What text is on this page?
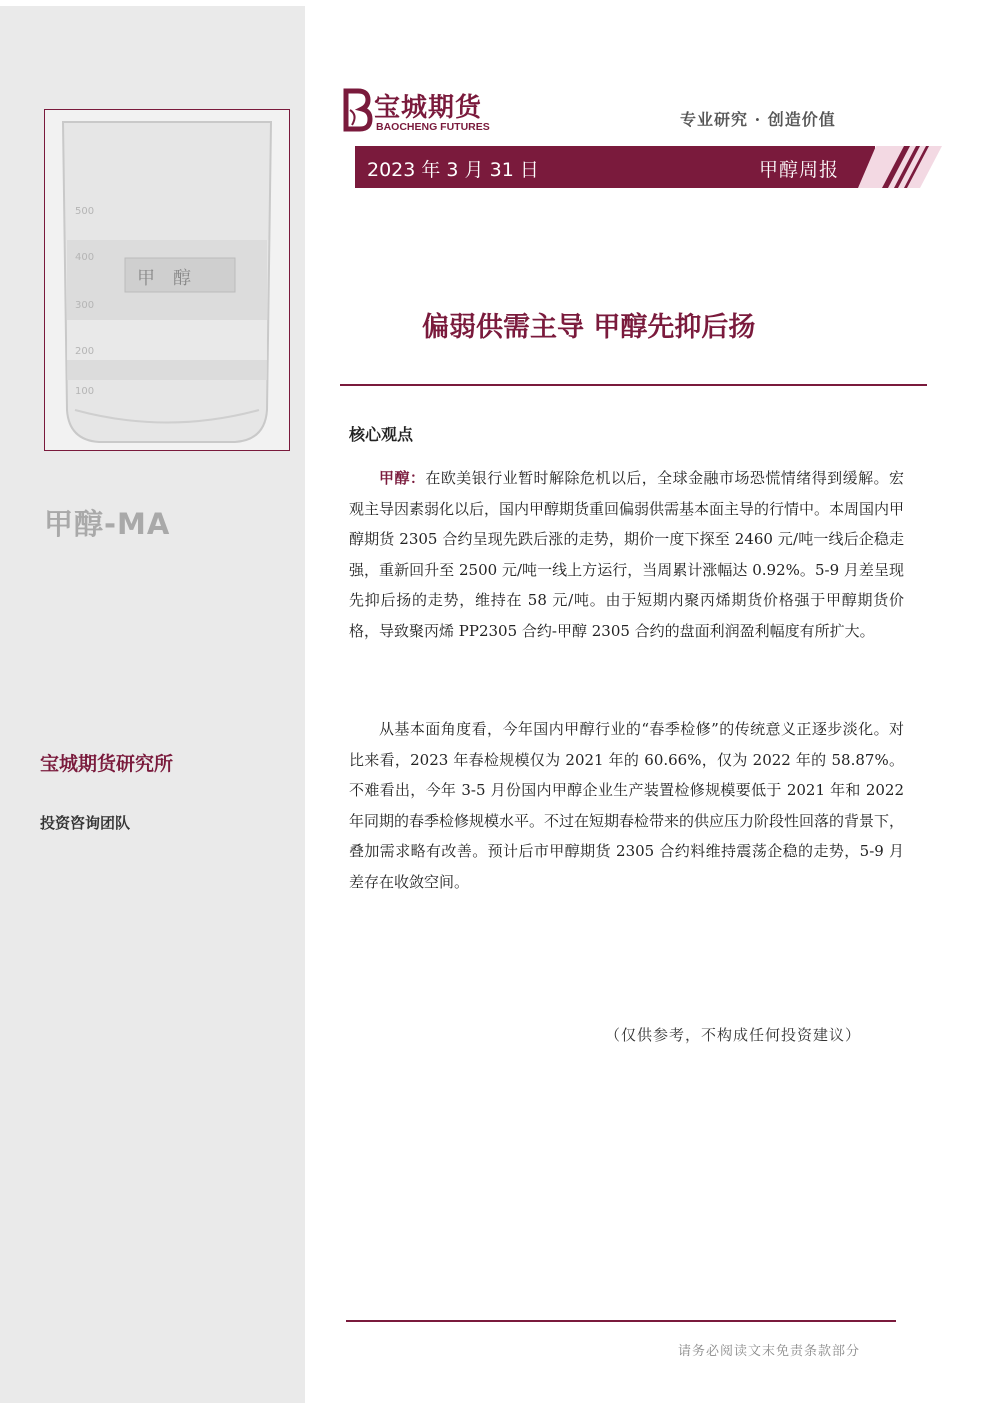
500
400
300
200
100
甲　醇
甲醇-MA
宝城期货研究所
投资咨询团队
宝城期货
BAOCHENG FUTURES	专业研究 · 创造价值
2023 年 3 月 31 日	甲醇周报
偏弱供需主导 甲醇先抑后扬
核心观点
甲醇：在欧美银行业暂时解除危机以后，全球金融市场恐慌情绪得到缓解。宏观主导因素弱化以后，国内甲醇期货重回偏弱供需基本面主导的行情中。本周国内甲醇期货 2305 合约呈现先跌后涨的走势，期价一度下探至 2460 元/吨一线后企稳走强，重新回升至 2500 元/吨一线上方运行，当周累计涨幅达 0.92%。5-9 月差呈现先抑后扬的走势，维持在 58 元/吨。由于短期内聚丙烯期货价格强于甲醇期货价格，导致聚丙烯 PP2305 合约-甲醇 2305 合约的盘面利润盈利幅度有所扩大。
从基本面角度看，今年国内甲醇行业的“春季检修”的传统意义正逐步淡化。对比来看，2023 年春检规模仅为 2021 年的 60.66%，仅为 2022 年的 58.87%。不难看出，今年 3-5 月份国内甲醇企业生产装置检修规模要低于 2021 年和 2022 年同期的春季检修规模水平。不过在短期春检带来的供应压力阶段性回落的背景下，叠加需求略有改善。预计后市甲醇期货 2305 合约料维持震荡企稳的走势，5-9 月差存在收敛空间。
（仅供参考，不构成任何投资建议）
请务必阅读文末免责条款部分
